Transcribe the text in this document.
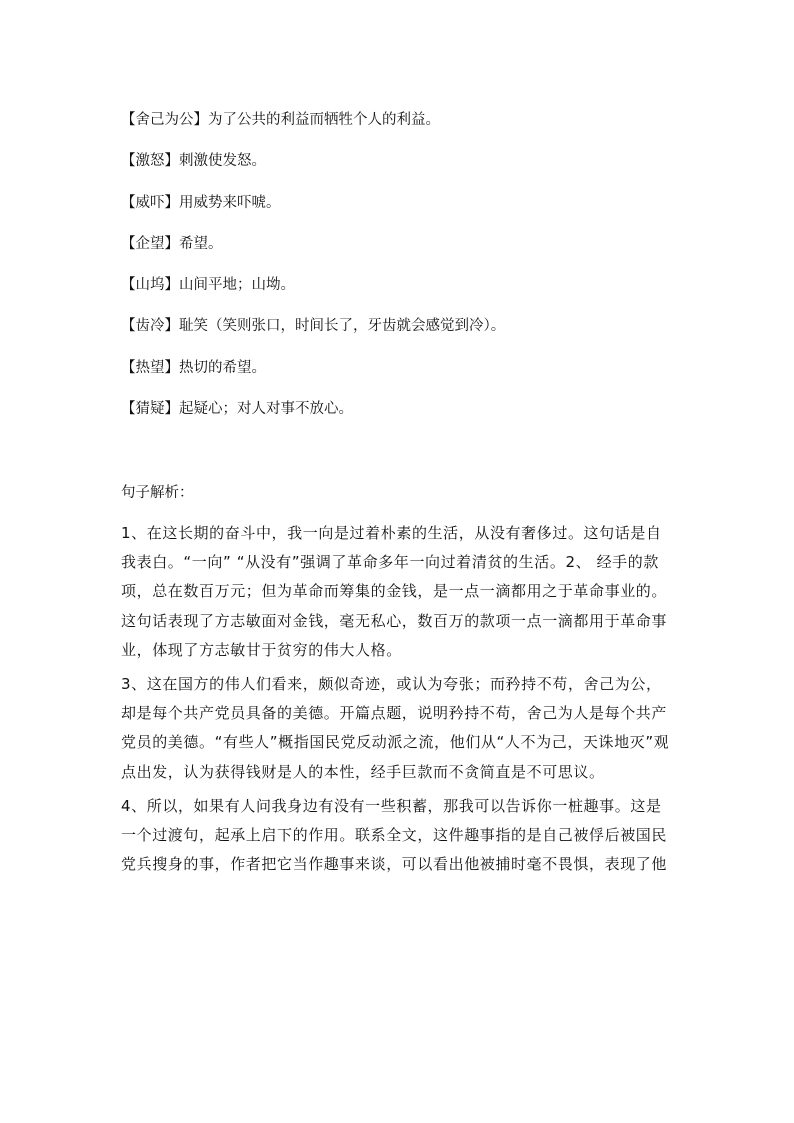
【舍己为公】为了公共的利益而牺牲个人的利益。
【激怒】刺激使发怒。
【威吓】用威势来吓唬。
【企望】希望。
【山坞】山间平地；山坳。
【齿冷】耻笑（笑则张口，时间长了，牙齿就会感觉到冷）。
【热望】热切的希望。
【猜疑】起疑心；对人对事不放心。
句子解析：

1、在这长期的奋斗中，我一向是过着朴素的生活，从没有奢侈过。这句话是自我表白。“一向” “从没有”强调了革命多年一向过着清贫的生活。2、 经手的款项，总在数百万元；但为革命而筹集的金钱，是一点一滴都用之于革命事业的。这句话表现了方志敏面对金钱，毫无私心，数百万的款项一点一滴都用于革命事业，体现了方志敏甘于贫穷的伟大人格。

3、这在国方的伟人们看来，颇似奇迹，或认为夸张；而矜持不苟，舍己为公，却是每个共产党员具备的美德。开篇点题，说明矜持不苟，舍己为人是每个共产党员的美德。“有些人”概指国民党反动派之流，他们从“人不为己，天诛地灭”观点出发，认为获得钱财是人的本性，经手巨款而不贪简直是不可思议。

4、所以，如果有人问我身边有没有一些积蓄，那我可以告诉你一桩趣事。这是一个过渡句，起承上启下的作用。联系全文，这件趣事指的是自己被俘后被国民党兵搜身的事，作者把它当作趣事来谈，可以看出他被捕时毫不畏惧，表现了他
